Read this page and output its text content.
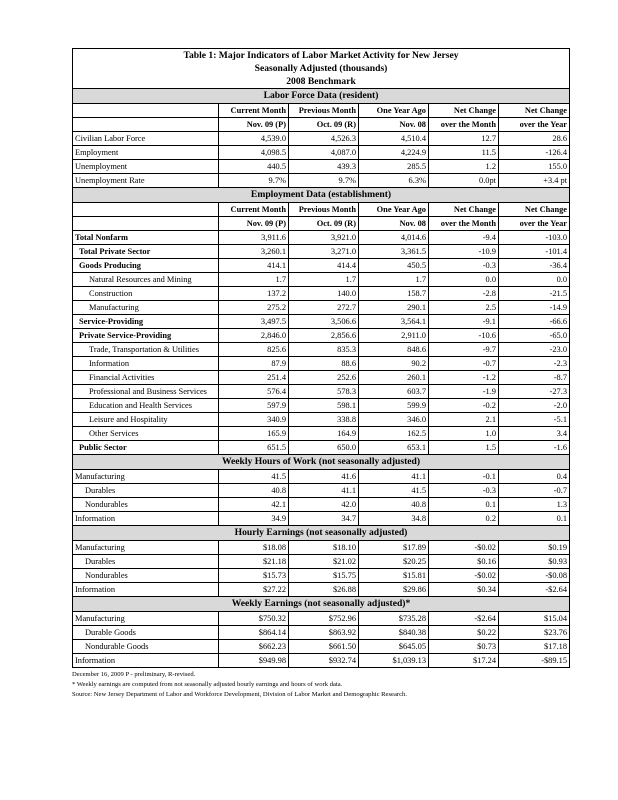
Table 1: Major Indicators of Labor Market Activity for New Jersey					
Seasonally Adjusted (thousands)					
2008 Benchmark					
Labor Force Data (resident)					
	Current Month	Previous Month	One Year Ago	Net Change	Net Change
	Nov. 09 (P)	Oct. 09 (R)	Nov. 08	over the Month	over the Year
Civilian Labor Force	4,539.0	4,526.3	4,510.4	12.7	28.6
Employment	4,098.5	4,087.0	4,224.9	11.5	-126.4
Unemployment	440.5	439.3	285.5	1.2	155.0
Unemployment Rate	9.7%	9.7%	6.3%	0.0pt	+3.4 pt
Employment Data (establishment)					
	Current Month	Previous Month	One Year Ago	Net Change	Net Change
	Nov. 09 (P)	Oct. 09 (R)	Nov. 08	over the Month	over the Year
Total Nonfarm	3,911.6	3,921.0	4,014.6	-9.4	-103.0
Total Private Sector	3,260.1	3,271.0	3,361.5	-10.9	-101.4
Goods Producing	414.1	414.4	450.5	-0.3	-36.4
Natural Resources and Mining	1.7	1.7	1.7	0.0	0.0
Construction	137.2	140.0	158.7	-2.8	-21.5
Manufacturing	275.2	272.7	290.1	2.5	-14.9
Service-Providing	3,497.5	3,506.6	3,564.1	-9.1	-66.6
Private Service-Providing	2,846.0	2,856.6	2,911.0	-10.6	-65.0
Trade, Transportation & Utilities	825.6	835.3	848.6	-9.7	-23.0
Information	87.9	88.6	90.2	-0.7	-2.3
Financial Activities	251.4	252.6	260.1	-1.2	-8.7
Professional and Business Services	576.4	578.3	603.7	-1.9	-27.3
Education and Health Services	597.9	598.1	599.9	-0.2	-2.0
Leisure and Hospitality	340.9	338.8	346.0	2.1	-5.1
Other Services	165.9	164.9	162.5	1.0	3.4
Public Sector	651.5	650.0	653.1	1.5	-1.6
Weekly Hours of Work (not seasonally adjusted)					
Manufacturing	41.5	41.6	41.1	-0.1	0.4
Durables	40.8	41.1	41.5	-0.3	-0.7
Nondurables	42.1	42.0	40.8	0.1	1.3
Information	34.9	34.7	34.8	0.2	0.1
Hourly Earnings (not seasonally adjusted)					
Manufacturing	$18.08	$18.10	$17.89	-$0.02	$0.19
Durables	$21.18	$21.02	$20.25	$0.16	$0.93
Nondurables	$15.73	$15.75	$15.81	-$0.02	-$0.08
Information	$27.22	$26.88	$29.86	$0.34	-$2.64
Weekly Earnings (not seasonally adjusted)*					
Manufacturing	$750.32	$752.96	$735.28	-$2.64	$15.04
Durable Goods	$864.14	$863.92	$840.38	$0.22	$23.76
Nondurable Goods	$662.23	$661.50	$645.05	$0.73	$17.18
Information	$949.98	$932.74	$1,039.13	$17.24	-$89.15
December 16, 2009 P - preliminary, R-revised.
* Weekly earnings are computed from not seasonally adjusted hourly earnings and hours of work data.
Source: New Jersey Department of Labor and Workforce Development, Division of Labor Market and Demographic Research.
